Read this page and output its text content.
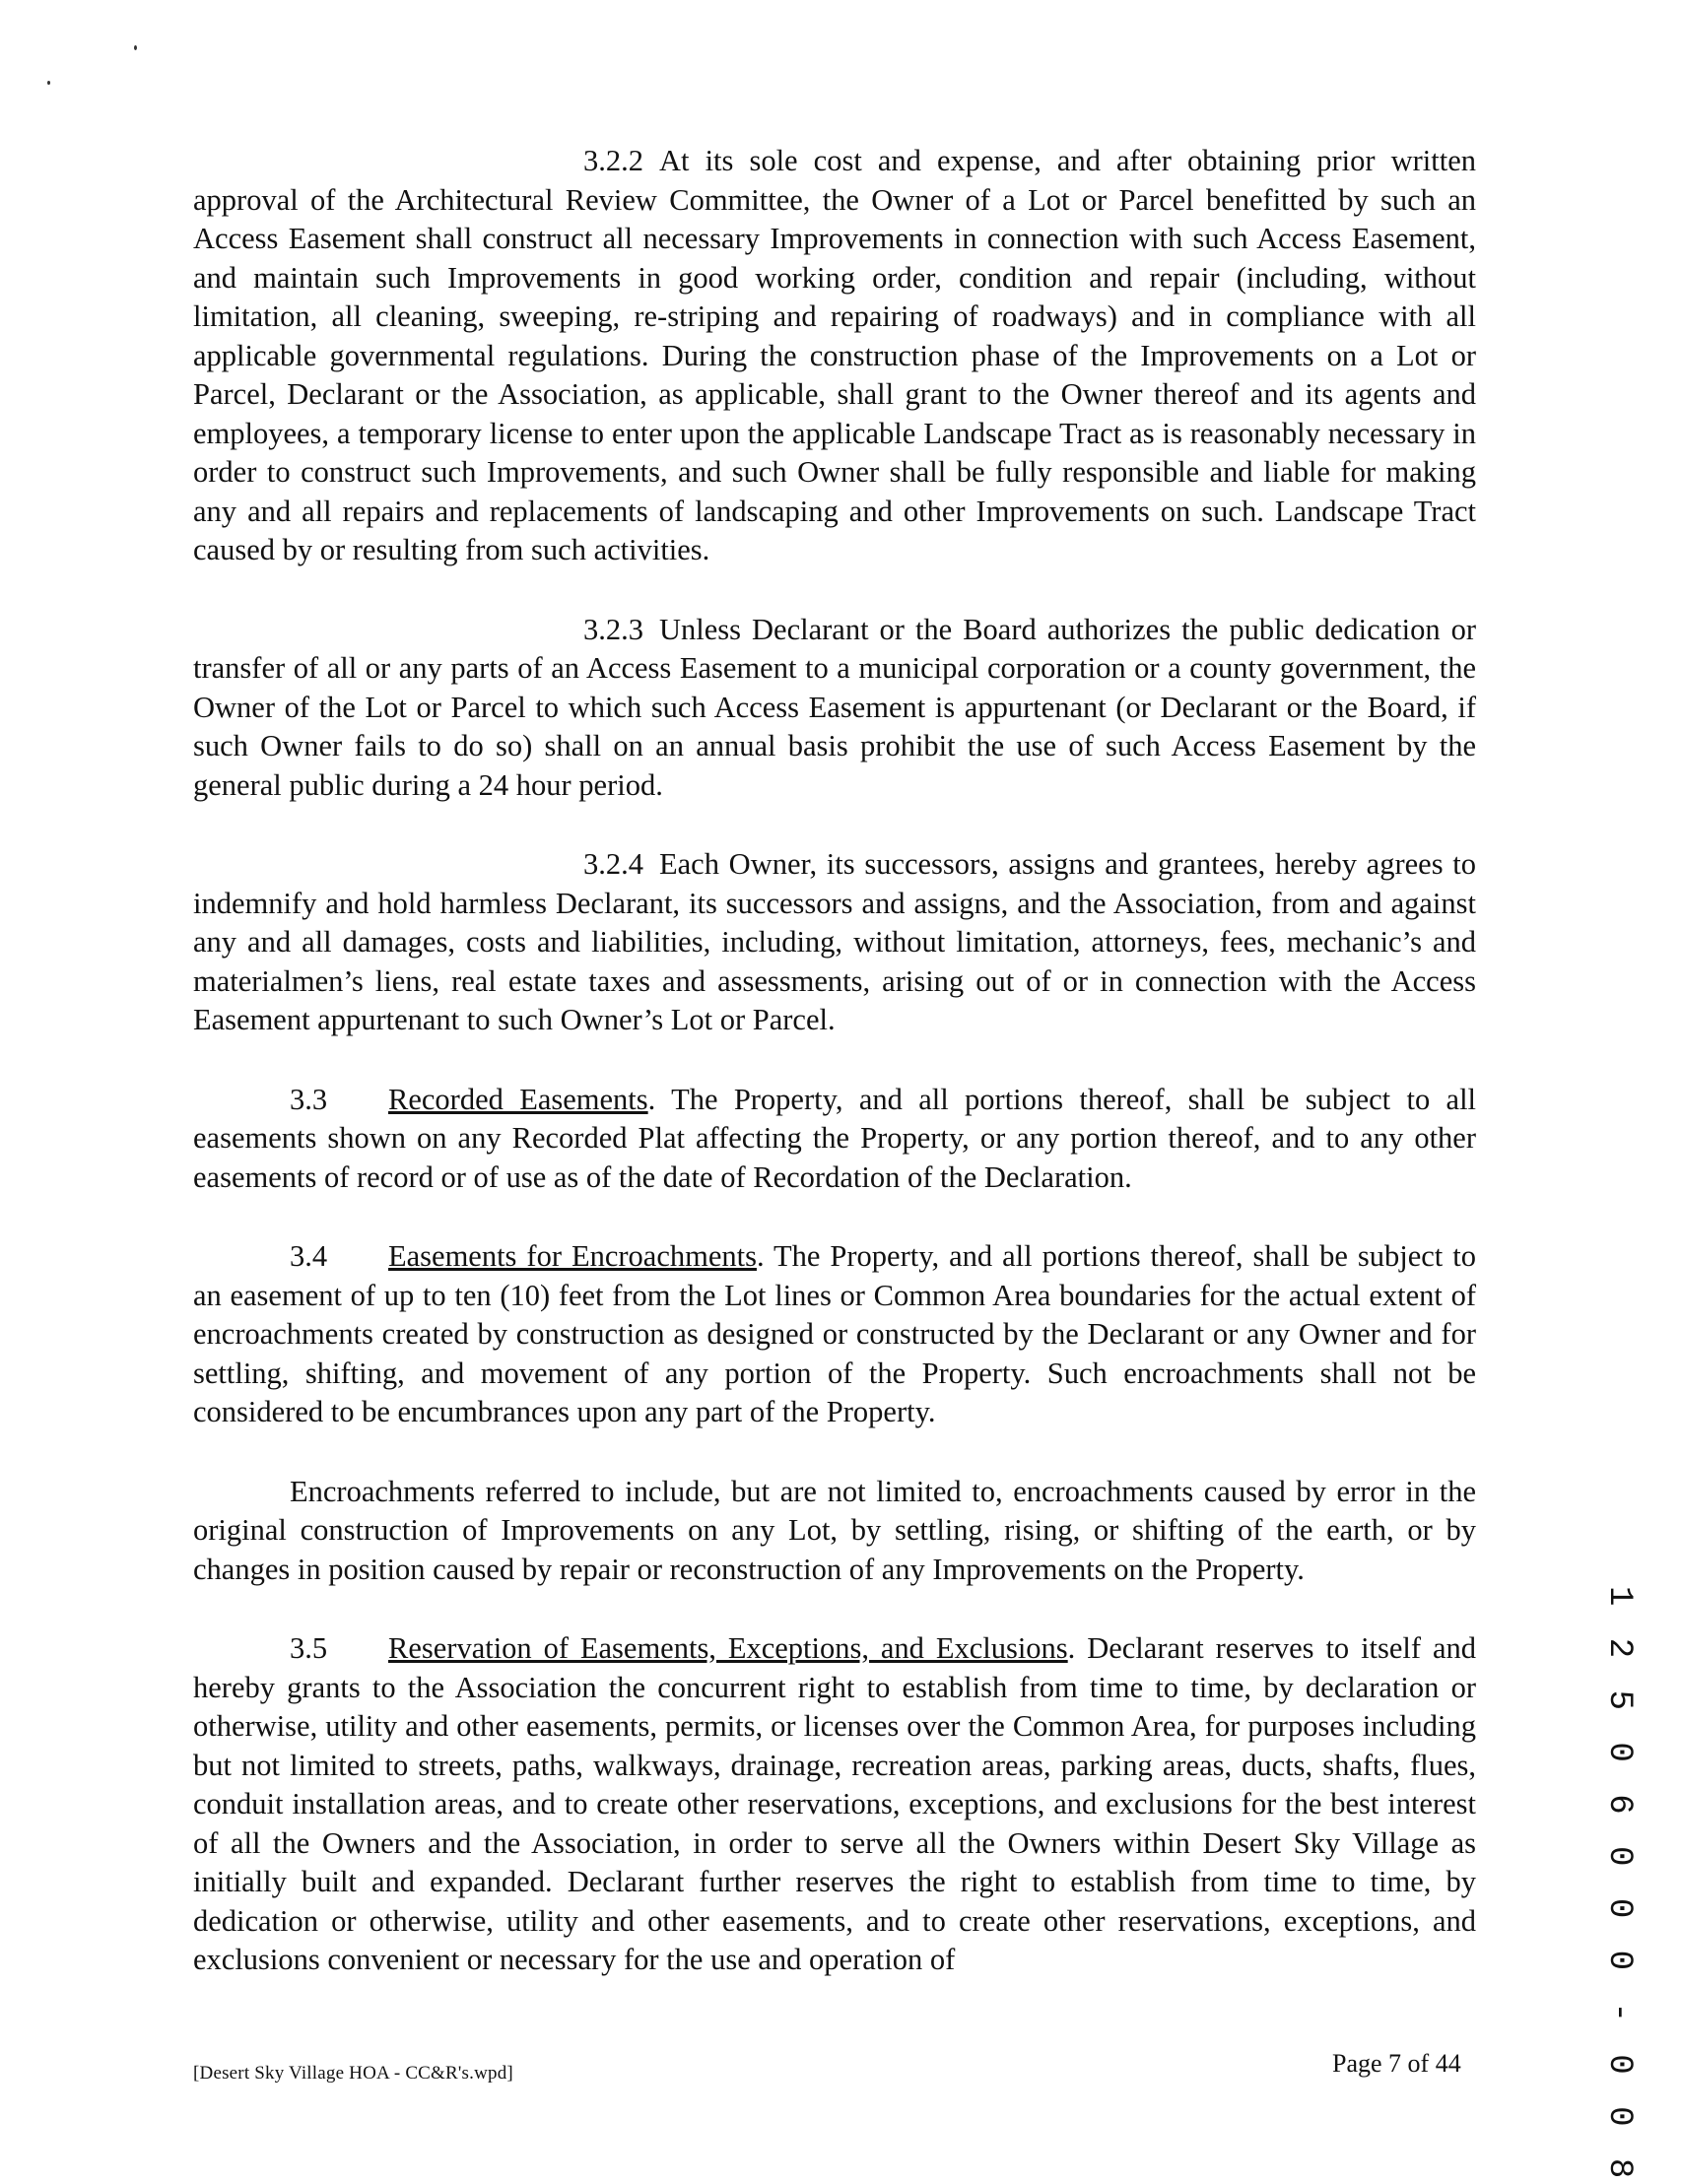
3.2.2 At its sole cost and expense, and after obtaining prior written approval of the Architectural Review Committee, the Owner of a Lot or Parcel benefitted by such an Access Easement shall construct all necessary Improvements in connection with such Access Easement, and maintain such Improvements in good working order, condition and repair (including, without limitation, all cleaning, sweeping, re-striping and repairing of roadways) and in compliance with all applicable governmental regulations. During the construction phase of the Improvements on a Lot or Parcel, Declarant or the Association, as applicable, shall grant to the Owner thereof and its agents and employees, a temporary license to enter upon the applicable Landscape Tract as is reasonably necessary in order to construct such Improvements, and such Owner shall be fully responsible and liable for making any and all repairs and replacements of landscaping and other Improvements on such. Landscape Tract caused by or resulting from such activities.

3.2.3 Unless Declarant or the Board authorizes the public dedication or transfer of all or any parts of an Access Easement to a municipal corporation or a county government, the Owner of the Lot or Parcel to which such Access Easement is appurtenant (or Declarant or the Board, if such Owner fails to do so) shall on an annual basis prohibit the use of such Access Easement by the general public during a 24 hour period.

3.2.4 Each Owner, its successors, assigns and grantees, hereby agrees to indemnify and hold harmless Declarant, its successors and assigns, and the Association, from and against any and all damages, costs and liabilities, including, without limitation, attorneys, fees, mechanic’s and materialmen’s liens, real estate taxes and assessments, arising out of or in connection with the Access Easement appurtenant to such Owner’s Lot or Parcel.

3.3 Recorded Easements. The Property, and all portions thereof, shall be subject to all easements shown on any Recorded Plat affecting the Property, or any portion thereof, and to any other easements of record or of use as of the date of Recordation of the Declaration.

3.4 Easements for Encroachments. The Property, and all portions thereof, shall be subject to an easement of up to ten (10) feet from the Lot lines or Common Area boundaries for the actual extent of encroachments created by construction as designed or constructed by the Declarant or any Owner and for settling, shifting, and movement of any portion of the Property. Such encroachments shall not be considered to be encumbrances upon any part of the Property.

Encroachments referred to include, but are not limited to, encroachments caused by error in the original construction of Improvements on any Lot, by settling, rising, or shifting of the earth, or by changes in position caused by repair or reconstruction of any Improvements on the Property.

3.5 Reservation of Easements, Exceptions, and Exclusions. Declarant reserves to itself and hereby grants to the Association the concurrent right to establish from time to time, by declaration or otherwise, utility and other easements, permits, or licenses over the Common Area, for purposes including but not limited to streets, paths, walkways, drainage, recreation areas, parking areas, ducts, shafts, flues, conduit installation areas, and to create other reservations, exceptions, and exclusions for the best interest of all the Owners and the Association, in order to serve all the Owners within Desert Sky Village as initially built and expanded. Declarant further reserves the right to establish from time to time, by dedication or otherwise, utility and other easements, and to create other reservations, exceptions, and exclusions convenient or necessary for the use and operation of	1 2 5 0 6 0 0 0 - 0 0 8
[Desert Sky Village HOA - CC&R's.wpd]	Page 7 of 44
